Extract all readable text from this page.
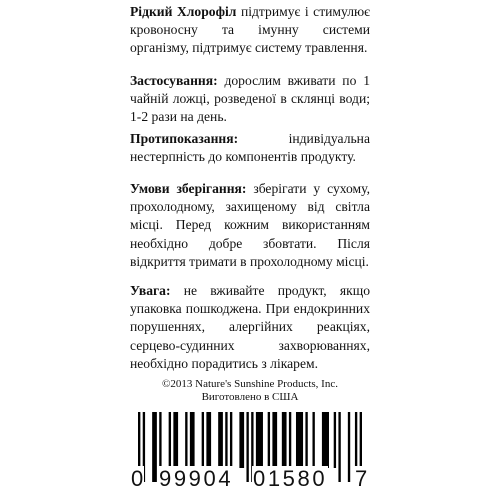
Рідкий Хлорофіл підтримує і стимулює кровоносну та імунну системи організму, підтримує систему травлення.
Застосування: дорослим вживати по 1 чайній ложці, розведеної в склянці води; 1-2 рази на день.
Протипоказання: індивідуальна нестерпність до компонентів продукту.
Умови зберігання: зберігати у сухому, прохолодному, захищеному від світла місці. Перед кожним використанням необхідно добре збовтати. Після відкриття тримати в прохолодному місці.
Увага: не вживайте продукт, якщо упаковка пошкоджена. При ендокринних порушеннях, алергійних реакціях, серцево-судинних захворюваннях, необхідно порадитись з лікарем.
©2013 Nature's Sunshine Products, Inc.
Виготовлено в США
0 99904 01580 7
